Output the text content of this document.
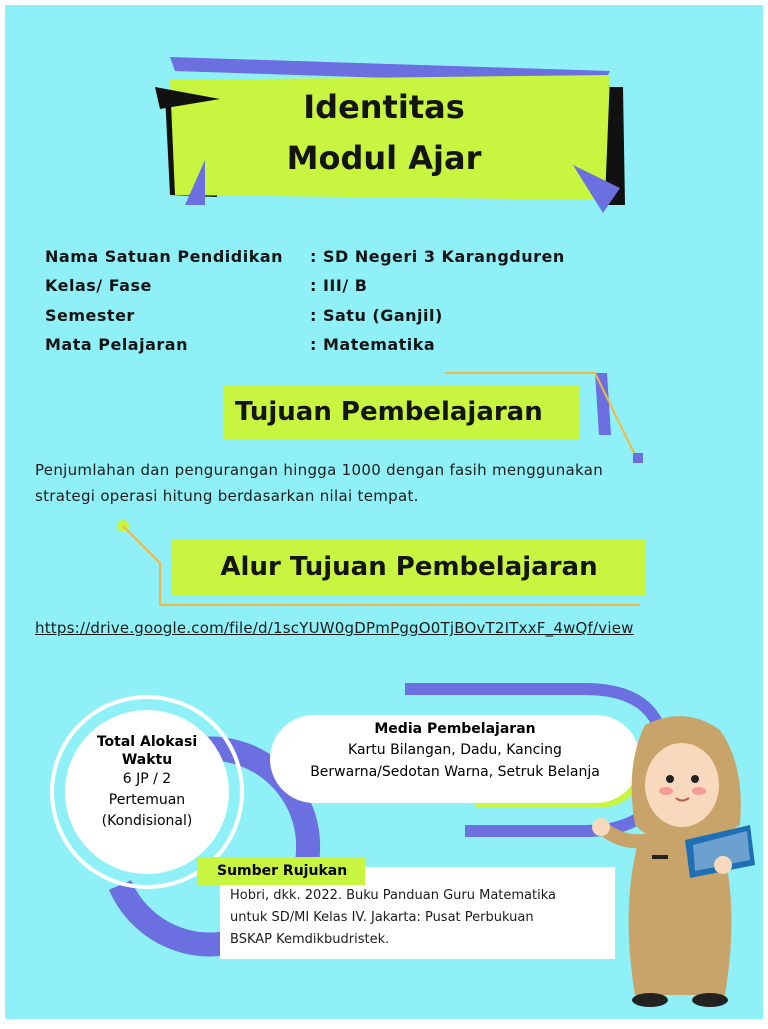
Identitas
Modul Ajar
Nama Satuan Pendidikan : SD Negeri 3 Karangduren
Kelas/ Fase	: III/ B
Semester	: Satu (Ganjil)
Mata Pelajaran	: Matematika
Tujuan Pembelajaran
Penjumlahan dan pengurangan hingga 1000 dengan fasih menggunakan
strategi operasi hitung berdasarkan nilai tempat.
Alur Tujuan Pembelajaran
https://drive.google.com/file/d/1scYUW0gDPmPggO0TjBOvT2ITxxF_4wQf/view
Total Alokasi
Waktu
6 JP / 2
Pertemuan
(Kondisional)
Media Pembelajaran
Kartu Bilangan, Dadu, Kancing
Berwarna/Sedotan Warna, Setruk Belanja
Sumber Rujukan
Hobri, dkk. 2022. Buku Panduan Guru Matematika
untuk SD/MI Kelas IV. Jakarta: Pusat Perbukuan
BSKAP Kemdikbudristek.
